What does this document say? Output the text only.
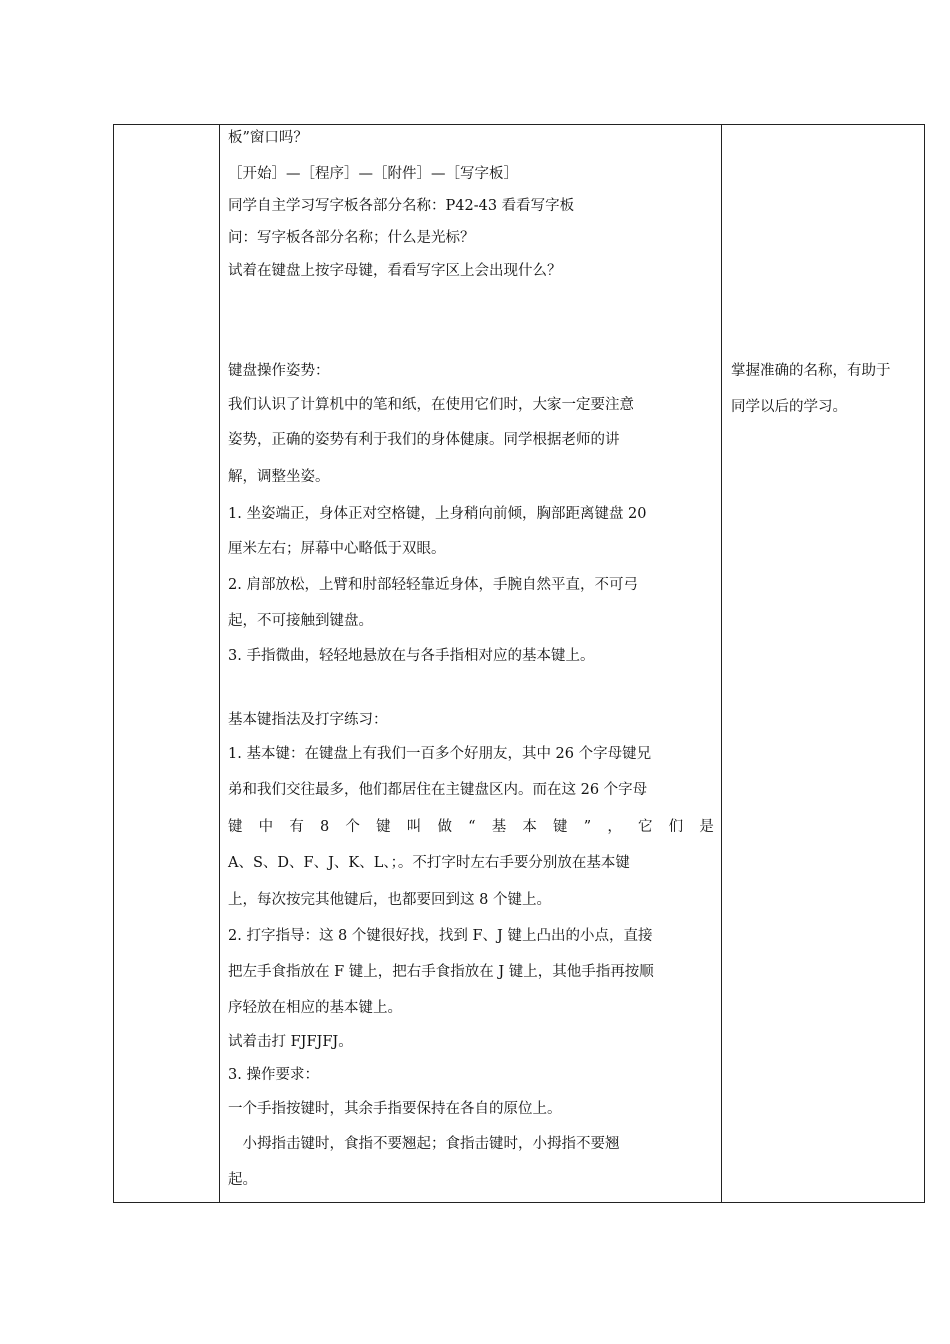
板”窗口吗？
［开始］—［程序］—［附件］—［写字板］
同学自主学习写字板各部分名称：P42-43 看看写字板
问：写字板各部分名称；什么是光标？
试着在键盘上按字母键，看看写字区上会出现什么？
键盘操作姿势：
我们认识了计算机中的笔和纸，在使用它们时，大家一定要注意
姿势，正确的姿势有利于我们的身体健康。同学根据老师的讲
解，调整坐姿。
1. 坐姿端正，身体正对空格键，上身稍向前倾，胸部距离键盘 20
厘米左右；屏幕中心略低于双眼。
2. 肩部放松，上臂和肘部轻轻靠近身体，手腕自然平直，不可弓
起，不可接触到键盘。
3. 手指微曲，轻轻地悬放在与各手指相对应的基本键上。
基本键指法及打字练习：
1. 基本键：在键盘上有我们一百多个好朋友，其中 26 个字母键兄
弟和我们交往最多，他们都居住在主键盘区内。而在这 26 个字母
键 中 有 8 个 键 叫 做 “ 基 本 键 ” ， 它 们 是
A、S、D、F、J、K、L、；。不打字时左右手要分别放在基本键
上，每次按完其他键后，也都要回到这 8 个键上。
2. 打字指导：这 8 个键很好找，找到 F、J 键上凸出的小点，直接
把左手食指放在 F 键上，把右手食指放在 J 键上，其他手指再按顺
序轻放在相应的基本键上。
试着击打 FJFJFJ。
3. 操作要求：
一个手指按键时，其余手指要保持在各自的原位上。
　小拇指击键时，食指不要翘起；食指击键时，小拇指不要翘
起。
掌握准确的名称，有助于
同学以后的学习。
